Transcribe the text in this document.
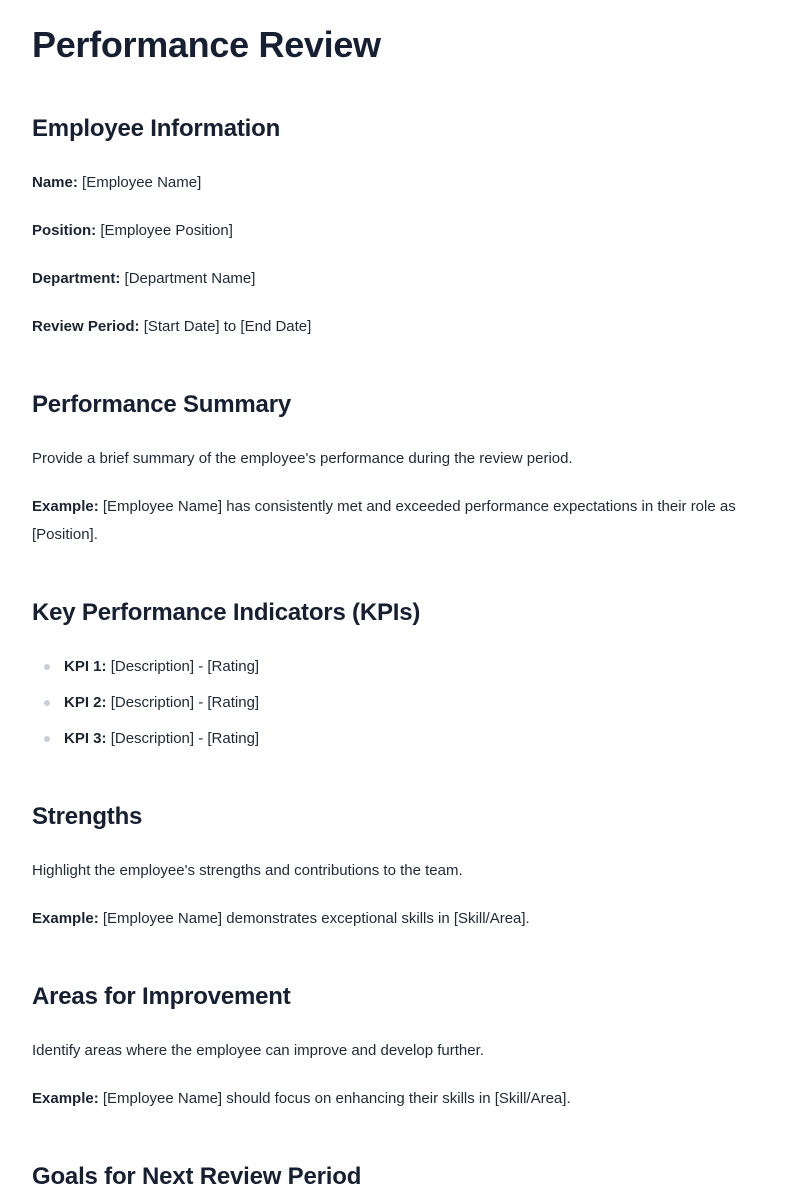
Performance Review
Employee Information

Name: [Employee Name]

Position: [Employee Position]

Department: [Department Name]

Review Period: [Start Date] to [End Date]

Performance Summary

Provide a brief summary of the employee's performance during the review period.

Example: [Employee Name] has consistently met and exceeded performance expectations in their role as [Position].

Key Performance Indicators (KPIs)
KPI 1: [Description] - [Rating]
KPI 2: [Description] - [Rating]
KPI 3: [Description] - [Rating]
Strengths

Highlight the employee's strengths and contributions to the team.

Example: [Employee Name] demonstrates exceptional skills in [Skill/Area].

Areas for Improvement

Identify areas where the employee can improve and develop further.

Example: [Employee Name] should focus on enhancing their skills in [Skill/Area].

Goals for Next Review Period
